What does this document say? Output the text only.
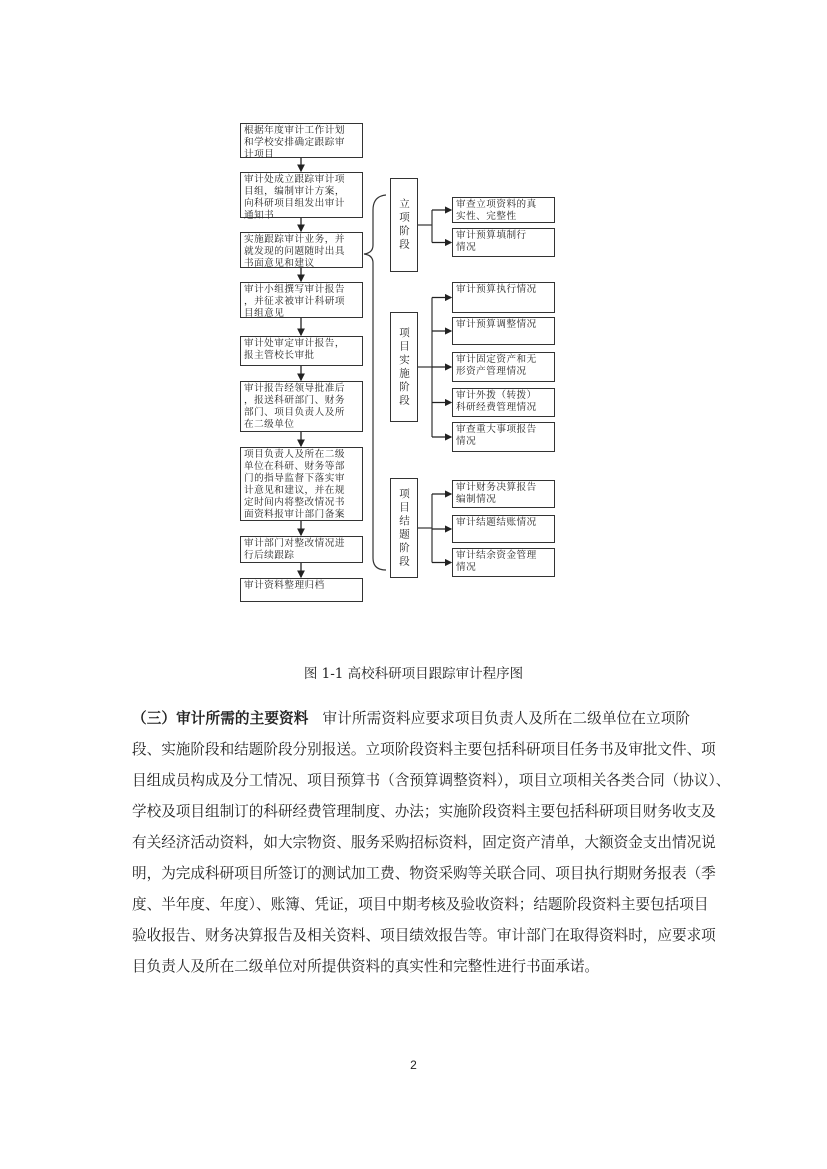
根据年度审计工作计划
和学校安排确定跟踪审
计项目
审计处成立跟踪审计项
目组，编制审计方案，
向科研项目组发出审计
通知书
实施跟踪审计业务，并
就发现的问题随时出具
书面意见和建议
审计小组撰写审计报告
，并征求被审计科研项
目组意见
审计处审定审计报告，
报主管校长审批
审计报告经领导批准后
，报送科研部门、财务
部门、项目负责人及所
在二级单位
项目负责人及所在二级
单位在科研、财务等部
门的指导监督下落实审
计意见和建议，并在规
定时间内将整改情况书
面资料报审计部门备案
审计部门对整改情况进
行后续跟踪
审计资料整理归档
立项阶段	审查立项资料的真
实性、完整性
审计预算填制行
情况
项目实施阶段
审计预算执行情况
审计预算调整情况
审计固定资产和无
形资产管理情况
审计外拨（转拨）
科研经费管理情况
审查重大事项报告
情况
项目结题阶段	审计财务决算报告
编制情况
审计结题结账情况
审计结余资金管理
情况
图 1-1 高校科研项目跟踪审计程序图
（三）审计所需的主要资料 审计所需资料应要求项目负责人及所在二级单位在立项阶
段、实施阶段和结题阶段分别报送。立项阶段资料主要包括科研项目任务书及审批文件、项
目组成员构成及分工情况、项目预算书（含预算调整资料），项目立项相关各类合同（协议）、
学校及项目组制订的科研经费管理制度、办法；实施阶段资料主要包括科研项目财务收支及
有关经济活动资料，如大宗物资、服务采购招标资料，固定资产清单，大额资金支出情况说
明，为完成科研项目所签订的测试加工费、物资采购等关联合同、项目执行期财务报表（季
度、半年度、年度）、账簿、凭证，项目中期考核及验收资料；结题阶段资料主要包括项目
验收报告、财务决算报告及相关资料、项目绩效报告等。审计部门在取得资料时，应要求项
目负责人及所在二级单位对所提供资料的真实性和完整性进行书面承诺。
2
